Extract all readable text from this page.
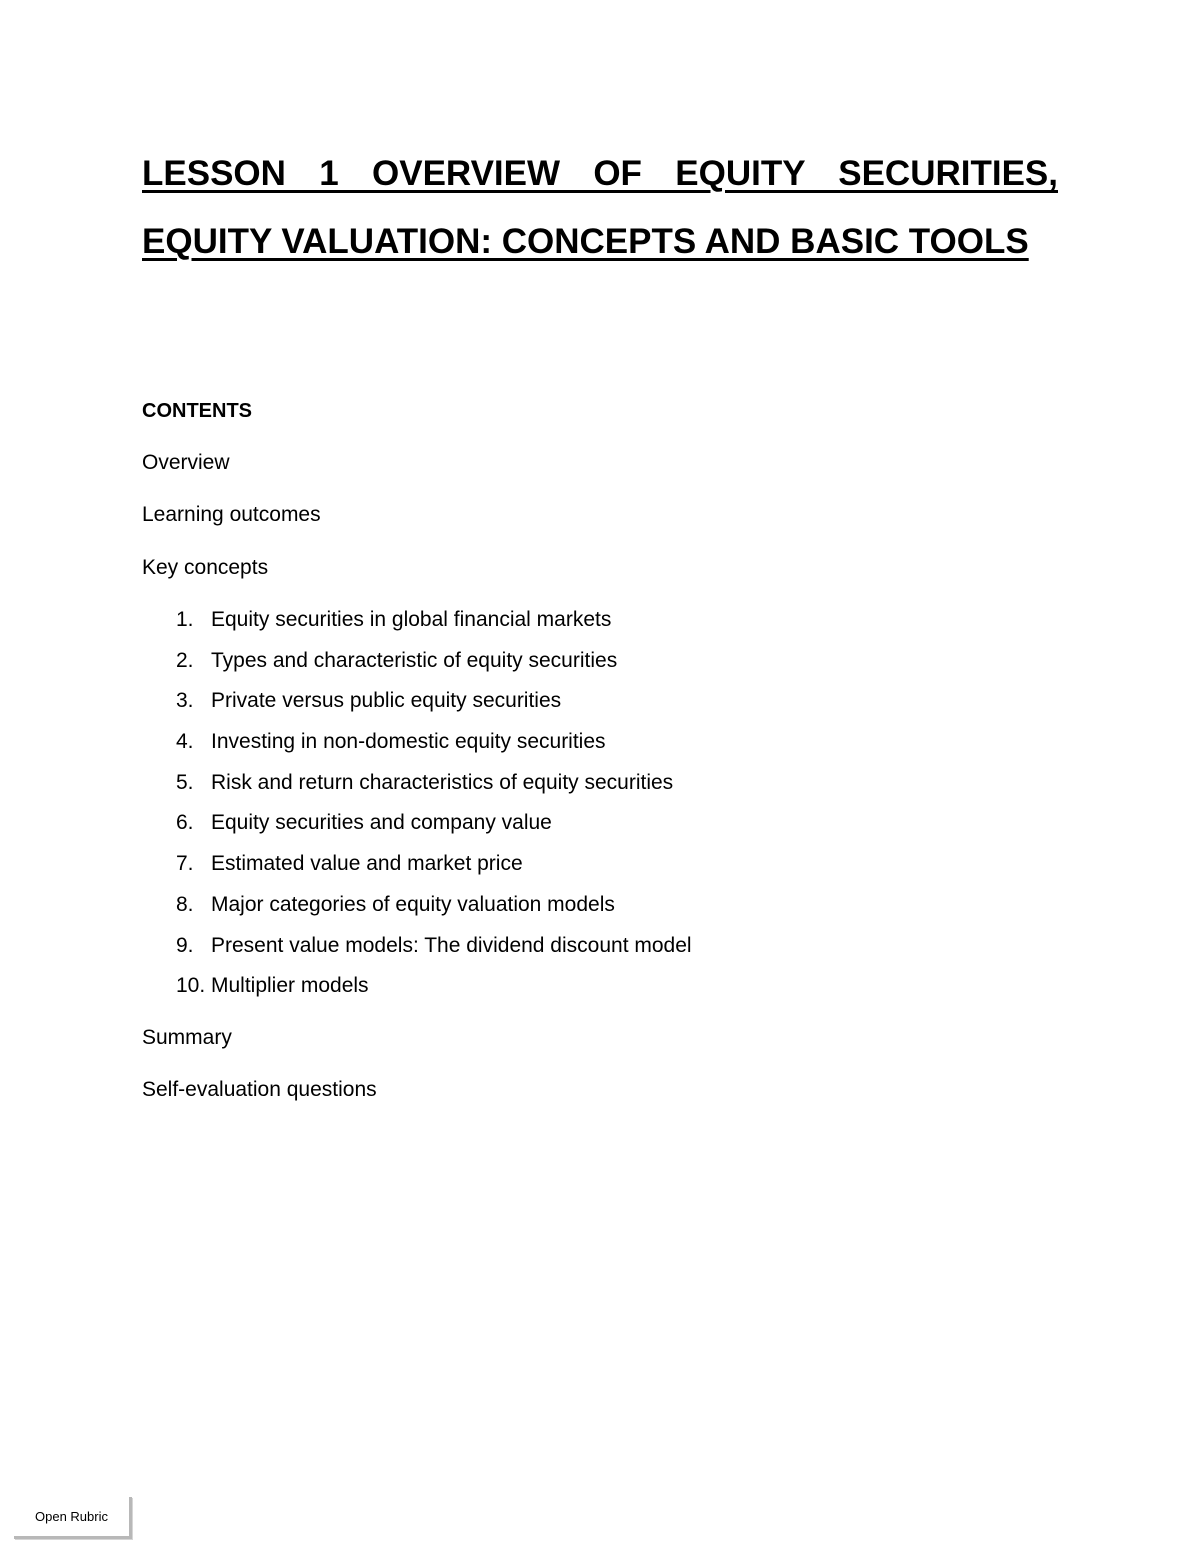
LESSON 1 OVERVIEW OF EQUITY SECURITIES, EQUITY VALUATION: CONCEPTS AND BASIC TOOLS
CONTENTS

Overview

Learning outcomes

Key concepts

1. Equity securities in global financial markets
2. Types and characteristic of equity securities
3. Private versus public equity securities
4. Investing in non-domestic equity securities
5. Risk and return characteristics of equity securities
6. Equity securities and company value
7. Estimated value and market price
8. Major categories of equity valuation models
9. Present value models: The dividend discount model
10. Multiplier models

Summary

Self-evaluation questions

Open Rubric
